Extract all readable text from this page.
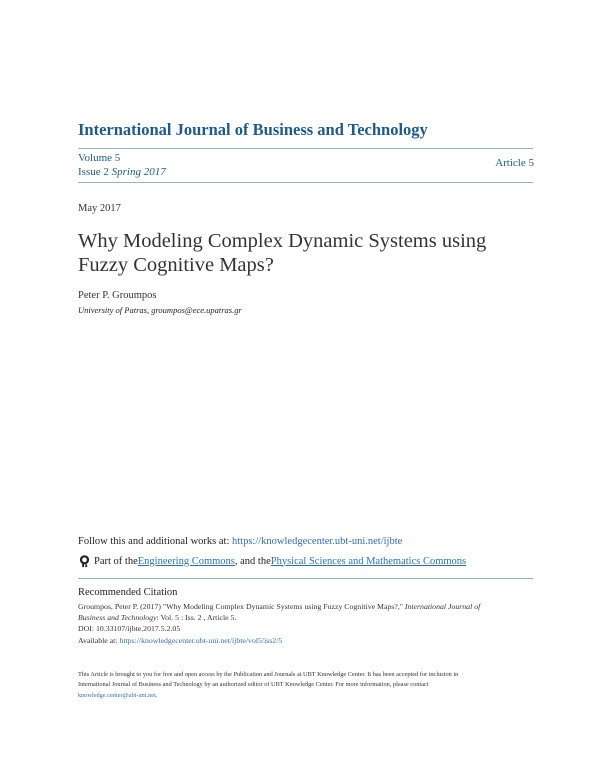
International Journal of Business and Technology
Volume 5
Issue 2 Spring 2017
Article 5
May 2017
Why Modeling Complex Dynamic Systems using Fuzzy Cognitive Maps?
Peter P. Groumpos
University of Patras, groumpos@ece.upatras.gr
Follow this and additional works at: https://knowledgecenter.ubt-uni.net/ijbte
Part of the Engineering Commons , and the Physical Sciences and Mathematics Commons
Recommended Citation
Groumpos, Peter P. (2017) "Why Modeling Complex Dynamic Systems using Fuzzy Cognitive Maps?," International Journal of
Business and Technology: Vol. 5 : Iss. 2 , Article 5.
DOI: 10.33107/ijbte.2017.5.2.05
Available at: https://knowledgecenter.ubt-uni.net/ijbte/vol5/iss2/5
This Article is brought to you for free and open access by the Publication and Journals at UBT Knowledge Center. It has been accepted for inclusion in
International Journal of Business and Technology by an authorized editor of UBT Knowledge Center. For more information, please contact
knowledge.center@ubt-uni.net.
